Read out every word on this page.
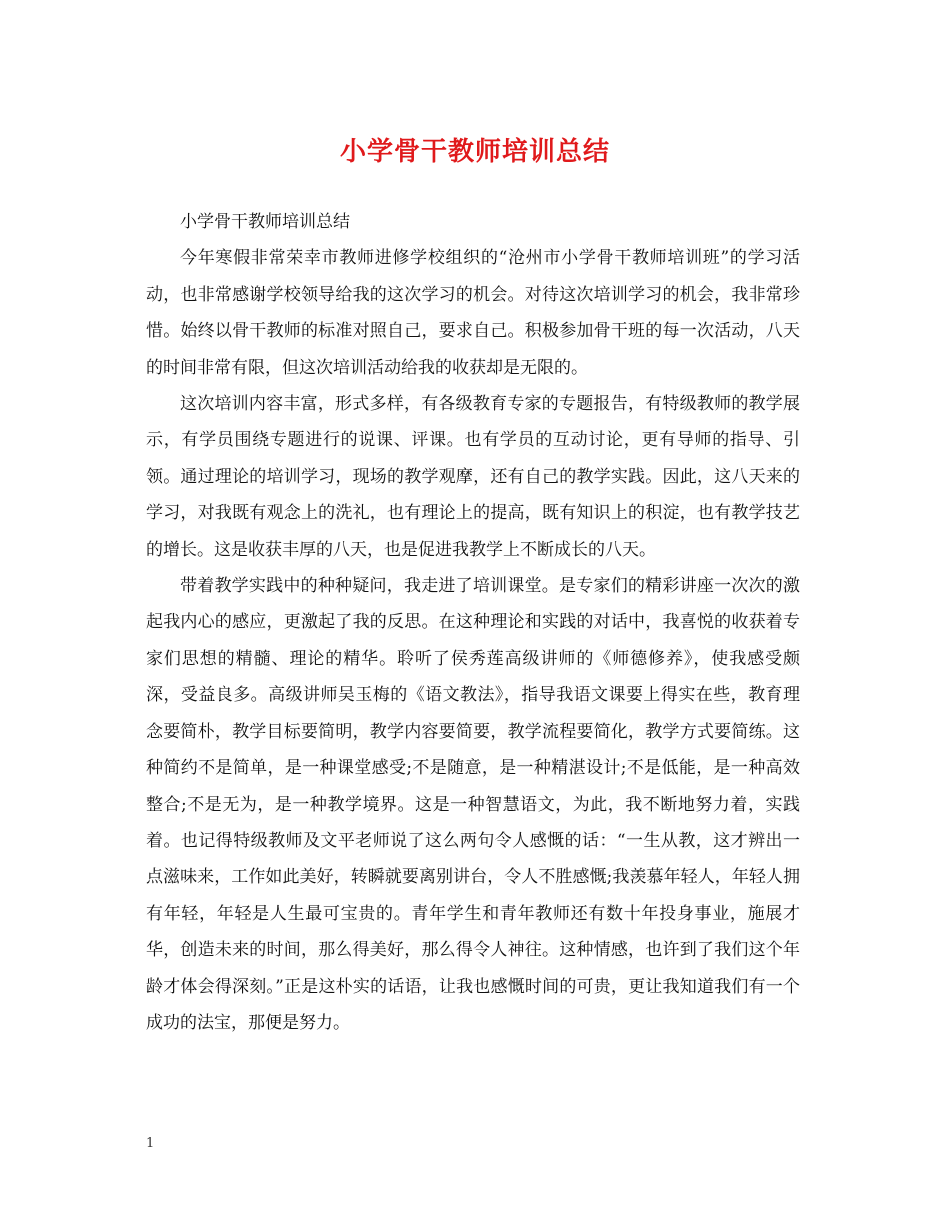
小学骨干教师培训总结

小学骨干教师培训总结

今年寒假非常荣幸市教师进修学校组织的“沧州市小学骨干教师培训班”的学习活动，也非常感谢学校领导给我的这次学习的机会。对待这次培训学习的机会，我非常珍惜。始终以骨干教师的标准对照自己，要求自己。积极参加骨干班的每一次活动，八天的时间非常有限，但这次培训活动给我的收获却是无限的。

这次培训内容丰富，形式多样，有各级教育专家的专题报告，有特级教师的教学展示，有学员围绕专题进行的说课、评课。也有学员的互动讨论，更有导师的指导、引领。通过理论的培训学习，现场的教学观摩，还有自己的教学实践。因此，这八天来的学习，对我既有观念上的洗礼，也有理论上的提高，既有知识上的积淀，也有教学技艺的增长。这是收获丰厚的八天，也是促进我教学上不断成长的八天。

带着教学实践中的种种疑问，我走进了培训课堂。是专家们的精彩讲座一次次的激起我内心的感应，更激起了我的反思。在这种理论和实践的对话中，我喜悦的收获着专家们思想的精髓、理论的精华。聆听了侯秀莲高级讲师的《师德修养》，使我感受颇深，受益良多。高级讲师吴玉梅的《语文教法》，指导我语文课要上得实在些，教育理念要简朴，教学目标要简明，教学内容要简要，教学流程要简化，教学方式要简练。这种简约不是简单，是一种课堂感受;不是随意，是一种精湛设计;不是低能，是一种高效整合;不是无为，是一种教学境界。这是一种智慧语文，为此，我不断地努力着，实践着。也记得特级教师及文平老师说了这么两句令人感慨的话：“一生从教，这才辨出一点滋味来，工作如此美好，转瞬就要离别讲台，令人不胜感慨;我羡慕年轻人，年轻人拥有年轻，年轻是人生最可宝贵的。青年学生和青年教师还有数十年投身事业，施展才华，创造未来的时间，那么得美好，那么得令人神往。这种情感，也许到了我们这个年龄才体会得深刻。”正是这朴实的话语，让我也感慨时间的可贵，更让我知道我们有一个成功的法宝，那便是努力。

1
